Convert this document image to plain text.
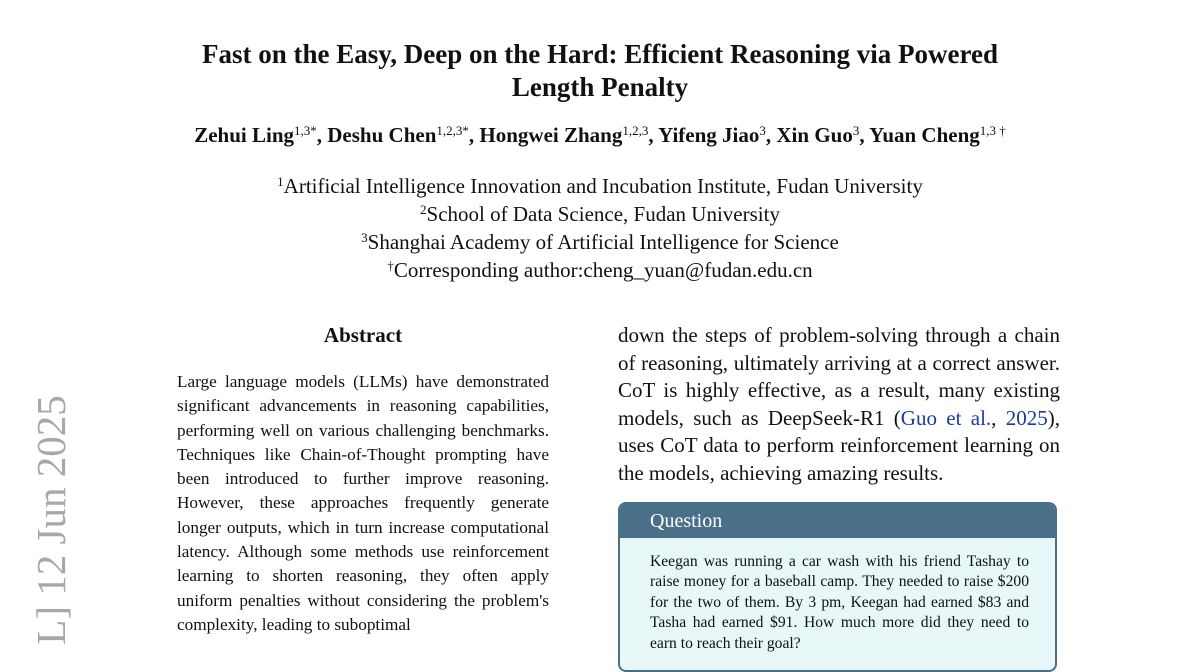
Fast on the Easy, Deep on the Hard: Efficient Reasoning via Powered
Length Penalty
Zehui Ling$^{1,3*}$, Deshu Chen$^{1,2,3*}$, Hongwei Zhang$^{1,2,3}$, Yifeng Jiao$^3$, Xin Guo$^3$, Yuan Cheng$^{1,3 \dagger}$
$^1$Artificial Intelligence Innovation and Incubation Institute, Fudan University
$^2$School of Data Science, Fudan University
$^3$Shanghai Academy of Artificial Intelligence for Science
†Corresponding author:cheng_yuan@fudan.edu.cn
L] 12 Jun 2025
Abstract
Large language models (LLMs) have demonstrated significant advancements in reasoning capabilities, performing well on various challenging benchmarks. Techniques like Chain-of-Thought prompting have been introduced to further improve reasoning. However, these approaches frequently generate longer outputs, which in turn increase computational latency. Although some methods use reinforcement learning to shorten reasoning, they often apply uniform penalties without considering the problem's complexity, leading to suboptimal
down the steps of problem-solving through a chain of reasoning, ultimately arriving at a correct answer. CoT is highly effective, as a result, many existing models, such as DeepSeek-R1 (Guo et al., 2025), uses CoT data to perform reinforcement learning on the models, achieving amazing results.
Question
Keegan was running a car wash with his friend Tashay to raise money for a baseball camp. They needed to raise $200 for the two of them. By 3 pm, Keegan had earned $83 and Tasha had earned $91. How much more did they need to earn to reach their goal?
